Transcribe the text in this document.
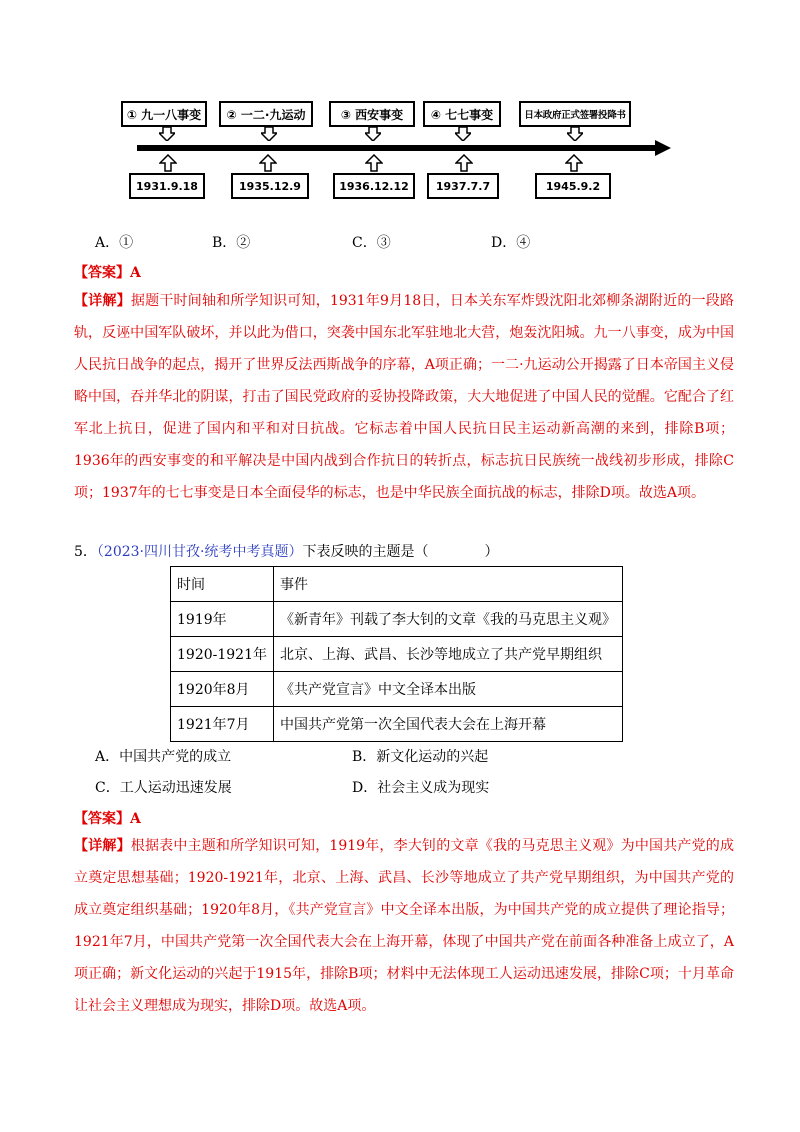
① 九一八事变	② 一二·九运动	③ 西安事变	④ 七七事变	日本政府正式签署投降书
1931.9.18	1935.12.9	1936.12.12	1937.7.7	1945.9.2
A．①	B．②	C．③	D．④
【答案】A
【详解】据题干时间轴和所学知识可知，1931年9月18日，日本关东军炸毁沈阳北郊柳条湖附近的一段路轨，反诬中国军队破坏，并以此为借口，突袭中国东北军驻地北大营，炮轰沈阳城。九一八事变，成为中国人民抗日战争的起点，揭开了世界反法西斯战争的序幕，A项正确；一二·九运动公开揭露了日本帝国主义侵略中国，吞并华北的阴谋，打击了国民党政府的妥协投降政策，大大地促进了中国人民的觉醒。它配合了红军北上抗日，促进了国内和平和对日抗战。它标志着中国人民抗日民主运动新高潮的来到，排除B项；1936年的西安事变的和平解决是中国内战到合作抗日的转折点，标志抗日民族统一战线初步形成，排除C项；1937年的七七事变是日本全面侵华的标志，也是中华民族全面抗战的标志，排除D项。故选A项。
5．（2023·四川甘孜·统考中考真题）下表反映的主题是（　　　　）
时间	事件
1919年	《新青年》刊载了李大钊的文章《我的马克思主义观》
1920-1921年	北京、上海、武昌、长沙等地成立了共产党早期组织
1920年8月	《共产党宣言》中文全译本出版
1921年7月	中国共产党第一次全国代表大会在上海开幕
A．中国共产党的成立	B．新文化运动的兴起
C．工人运动迅速发展	D．社会主义成为现实
【答案】A
【详解】根据表中主题和所学知识可知，1919年，李大钊的文章《我的马克思主义观》为中国共产党的成立奠定思想基础；1920-1921年，北京、上海、武昌、长沙等地成立了共产党早期组织，为中国共产党的成立奠定组织基础；1920年8月，《共产党宣言》中文全译本出版，为中国共产党的成立提供了理论指导；1921年7月，中国共产党第一次全国代表大会在上海开幕，体现了中国共产党在前面各种准备上成立了，A项正确；新文化运动的兴起于1915年，排除B项；材料中无法体现工人运动迅速发展，排除C项；十月革命让社会主义理想成为现实，排除D项。故选A项。
